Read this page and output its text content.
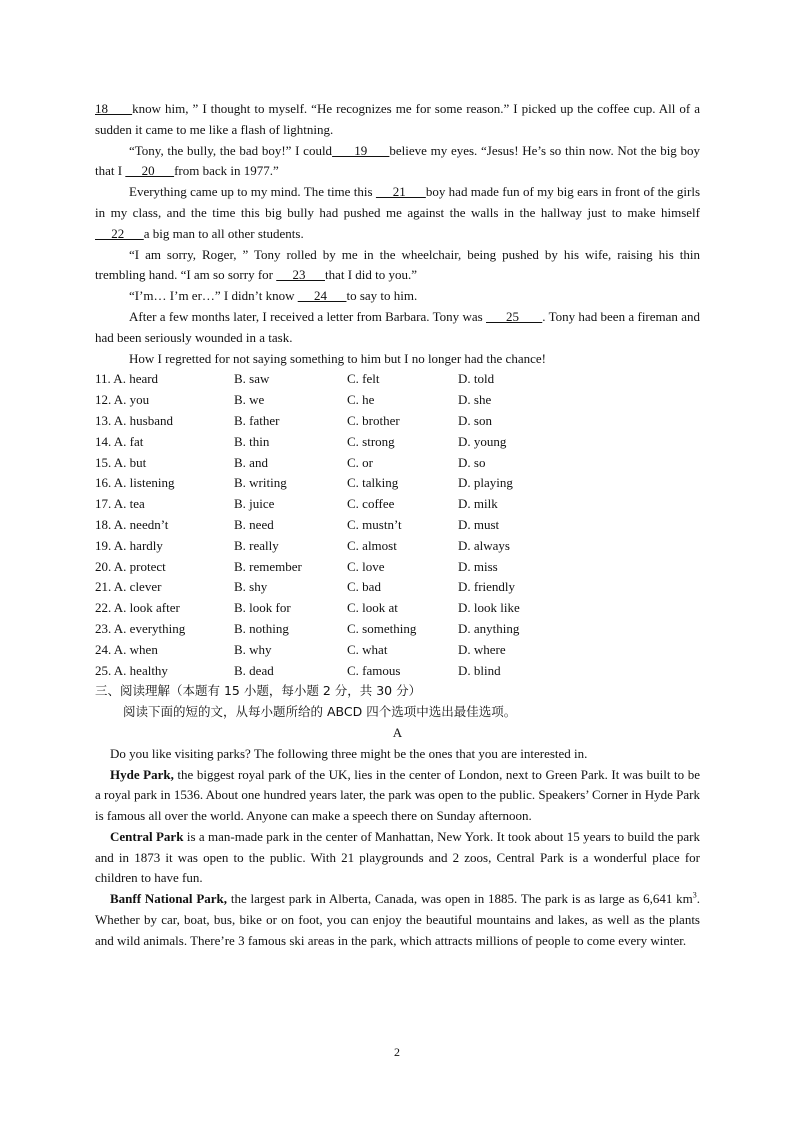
18      know him, ” I thought to myself. “He recognizes me for some reason.” I picked up the coffee cup. All of a sudden it came to me like a flash of lightning.

“Tony, the bully, the bad boy!” I could      19      believe my eyes. “Jesus! He’s so thin now. Not the big boy that I      20      from back in 1977.”

Everything came up to my mind. The time this      21      boy had made fun of my big ears in front of the girls in my class, and the time this big bully had pushed me against the walls in the hallway just to make himself      22      a big man to all other students.

“I am sorry, Roger, ” Tony rolled by me in the wheelchair, being pushed by his wife, raising his thin trembling hand. “I am so sorry for      23      that I did to you.”

“I’m… I’m er…” I didn’t know      24      to say to him.

After a few months later, I received a letter from Barbara. Tony was       25       . Tony had been a fireman and had been seriously wounded in a task.

How I regretted for not saying something to him but I no longer had the chance!

11. A. heard	B. saw	C. felt	D. told
12. A. you	B. we	C. he	D. she
13. A. husband	B. father	C. brother	D. son
14. A. fat	B. thin	C. strong	D. young
15. A. but	B. and	C. or	D. so
16. A. listening	B. writing	C. talking	D. playing
17. A. tea	B. juice	C. coffee	D. milk
18. A. needn’t	B. need	C. mustn’t	D. must
19. A. hardly	B. really	C. almost	D. always
20. A. protect	B. remember	C. love	D. miss
21. A. clever	B. shy	C. bad	D. friendly
22. A. look after	B. look for	C. look at	D. look like
23. A. everything	B. nothing	C. something	D. anything
24. A. when	B. why	C. what	D. where
25. A. healthy	B. dead	C. famous	D. blind

三、阅读理解（本题有 15 小题，每小题 2 分，共 30 分）

阅读下面的短的文，从每小题所给的 ABCD 四个选项中选出最佳选项。

A

Do you like visiting parks? The following three might be the ones that you are interested in.

Hyde Park, the biggest royal park of the UK, lies in the center of London, next to Green Park. It was built to be a royal park in 1536. About one hundred years later, the park was open to the public. Speakers’ Corner in Hyde Park is famous all over the world. Anyone can make a speech there on Sunday afternoon.

Central Park is a man-made park in the center of Manhattan, New York. It took about 15 years to build the park and in 1873 it was open to the public. With 21 playgrounds and 2 zoos, Central Park is a wonderful place for children to have fun.

Banff National Park, the largest park in Alberta, Canada, was open in 1885. The park is as large as 6,641 $km^3$. Whether by car, boat, bus, bike or on foot, you can enjoy the beautiful mountains and lakes, as well as the plants and wild animals. There’re 3 famous ski areas in the park, which attracts millions of people to come every winter.

2
